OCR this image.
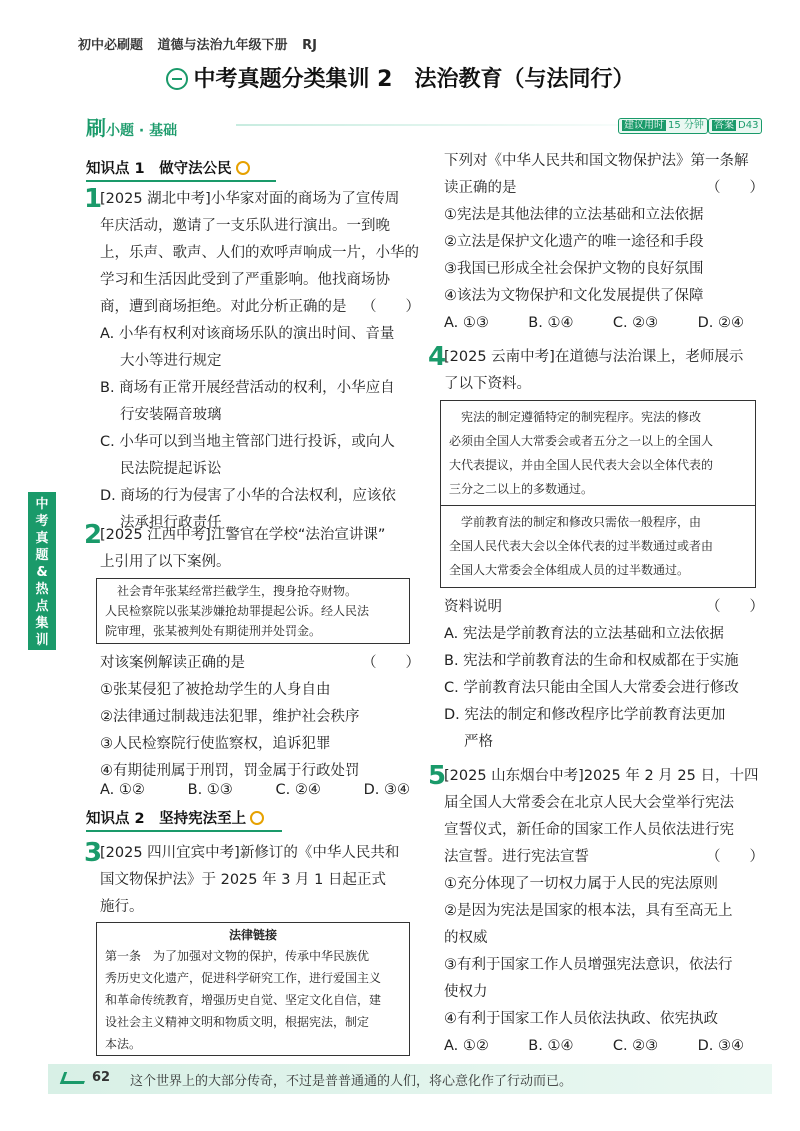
初中必刷题 道德与法治九年级下册 RJ
中考真题分类集训 2　法治教育（与法同行）
刷小题 · 基础	建议用时 15 分钟	答案 D43
中
考
真
题
&
热
点
集
训
知识点 1　做守法公民
1
[2025 湖北中考]小华家对面的商场为了宣传周
年庆活动，邀请了一支乐队进行演出。一到晚
上，乐声、歌声、人们的欢呼声响成一片，小华的
学习和生活因此受到了严重影响。他找商场协
商，遭到商场拒绝。对此分析正确的是 （　　）
A. 小华有权利对该商场乐队的演出时间、音量
大小等进行规定
B. 商场有正常开展经营活动的权利，小华应自
行安装隔音玻璃
C. 小华可以到当地主管部门进行投诉，或向人
民法院提起诉讼
D. 商场的行为侵害了小华的合法权利，应该依
法承担行政责任
2
[2025 江西中考]江警官在学校“法治宣讲课”
上引用了以下案例。
　社会青年张某经常拦截学生，搜身抢夺财物。
人民检察院以张某涉嫌抢劫罪提起公诉。经人民法
院审理，张某被判处有期徒刑并处罚金。
对该案例解读正确的是	（　　）
①张某侵犯了被抢劫学生的人身自由
②法律通过制裁违法犯罪，维护社会秩序
③人民检察院行使监察权，追诉犯罪
④有期徒刑属于刑罚，罚金属于行政处罚
A. ①②	B. ①③	C. ②④	D. ③④
知识点 2　坚持宪法至上
3
[2025 四川宜宾中考]新修订的《中华人民共和
国文物保护法》于 2025 年 3 月 1 日起正式
施行。
法律链接
第一条　为了加强对文物的保护，传承中华民族优
秀历史文化遗产，促进科学研究工作，进行爱国主义
和革命传统教育，增强历史自觉、坚定文化自信，建
设社会主义精神文明和物质文明，根据宪法，制定
本法。
下列对《中华人民共和国文物保护法》第一条解
读正确的是	（　　）
①宪法是其他法律的立法基础和立法依据
②立法是保护文化遗产的唯一途径和手段
③我国已形成全社会保护文物的良好氛围
④该法为文物保护和文化发展提供了保障
A. ①③	B. ①④	C. ②③	D. ②④
4
[2025 云南中考]在道德与法治课上，老师展示
了以下资料。
　宪法的制定遵循特定的制宪程序。宪法的修改
必须由全国人大常委会或者五分之一以上的全国人
大代表提议，并由全国人民代表大会以全体代表的
三分之二以上的多数通过。
　学前教育法的制定和修改只需依一般程序，由
全国人民代表大会以全体代表的过半数通过或者由
全国人大常委会全体组成人员的过半数通过。
资料说明	（　　）
A. 宪法是学前教育法的立法基础和立法依据
B. 宪法和学前教育法的生命和权威都在于实施
C. 学前教育法只能由全国人大常委会进行修改
D. 宪法的制定和修改程序比学前教育法更加
严格
5
[2025 山东烟台中考]2025 年 2 月 25 日，十四
届全国人大常委会在北京人民大会堂举行宪法
宣誓仪式，新任命的国家工作人员依法进行宪
法宣誓。进行宪法宣誓	（　　）
①充分体现了一切权力属于人民的宪法原则
②是因为宪法是国家的根本法，具有至高无上
的权威
③有利于国家工作人员增强宪法意识，依法行
使权力
④有利于国家工作人员依法执政、依宪执政
A. ①②	B. ①④	C. ②③	D. ③④
62 这个世界上的大部分传奇，不过是普普通通的人们，将心意化作了行动而已。
